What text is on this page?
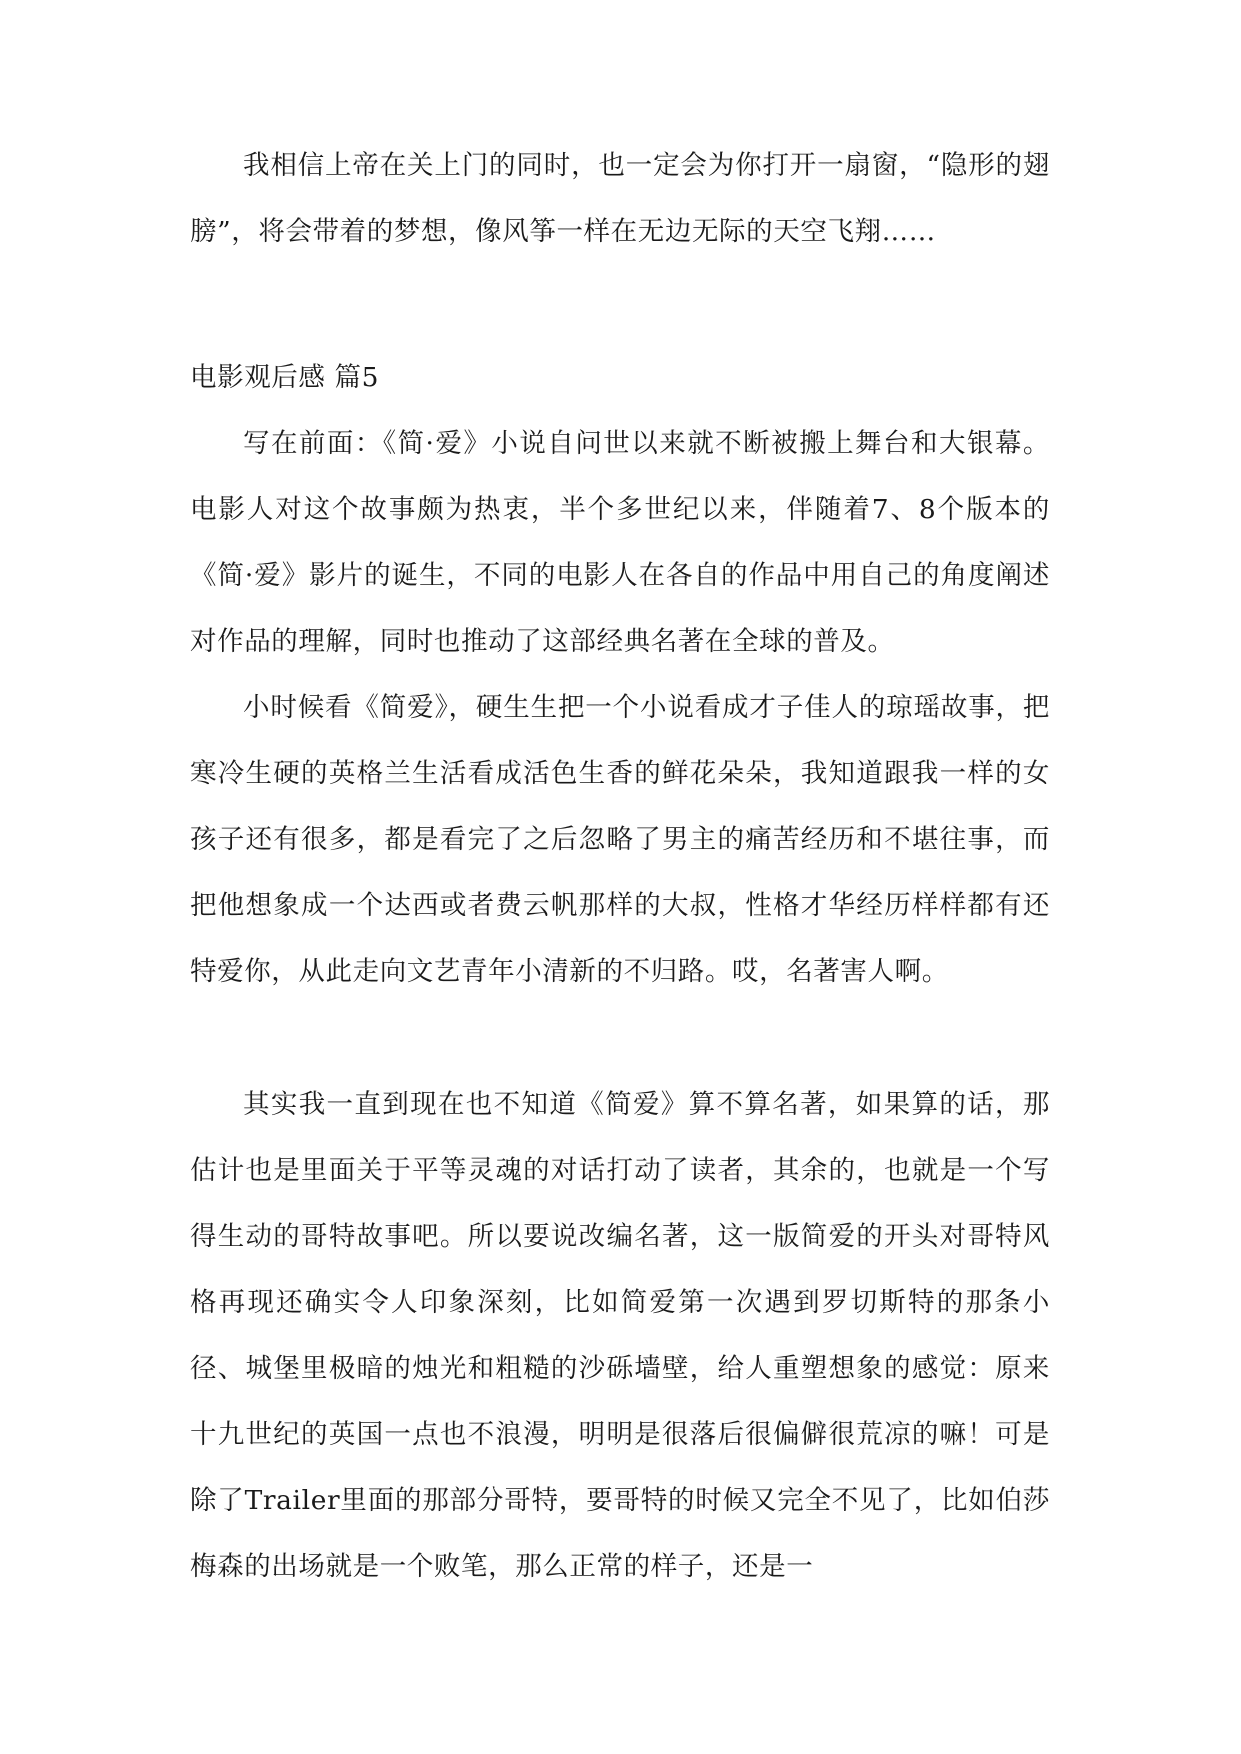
我相信上帝在关上门的同时，也一定会为你打开一扇窗，“隐形的翅膀”，将会带着的梦想，像风筝一样在无边无际的天空飞翔……

电影观后感 篇5

写在前面：《简·爱》小说自问世以来就不断被搬上舞台和大银幕。电影人对这个故事颇为热衷，半个多世纪以来，伴随着7、8个版本的《简·爱》影片的诞生，不同的电影人在各自的作品中用自己的角度阐述对作品的理解，同时也推动了这部经典名著在全球的普及。

小时候看《简爱》，硬生生把一个小说看成才子佳人的琼瑶故事，把寒冷生硬的英格兰生活看成活色生香的鲜花朵朵，我知道跟我一样的女孩子还有很多，都是看完了之后忽略了男主的痛苦经历和不堪往事，而把他想象成一个达西或者费云帆那样的大叔，性格才华经历样样都有还特爱你，从此走向文艺青年小清新的不归路。哎，名著害人啊。

其实我一直到现在也不知道《简爱》算不算名著，如果算的话，那估计也是里面关于平等灵魂的对话打动了读者，其余的，也就是一个写得生动的哥特故事吧。所以要说改编名著，这一版简爱的开头对哥特风格再现还确实令人印象深刻，比如简爱第一次遇到罗切斯特的那条小径、城堡里极暗的烛光和粗糙的沙砾墙壁，给人重塑想象的感觉：原来十九世纪的英国一点也不浪漫，明明是很落后很偏僻很荒凉的嘛！可是除了Trailer里面的那部分哥特，要哥特的时候又完全不见了，比如伯莎梅森的出场就是一个败笔，那么正常的样子，还是一
